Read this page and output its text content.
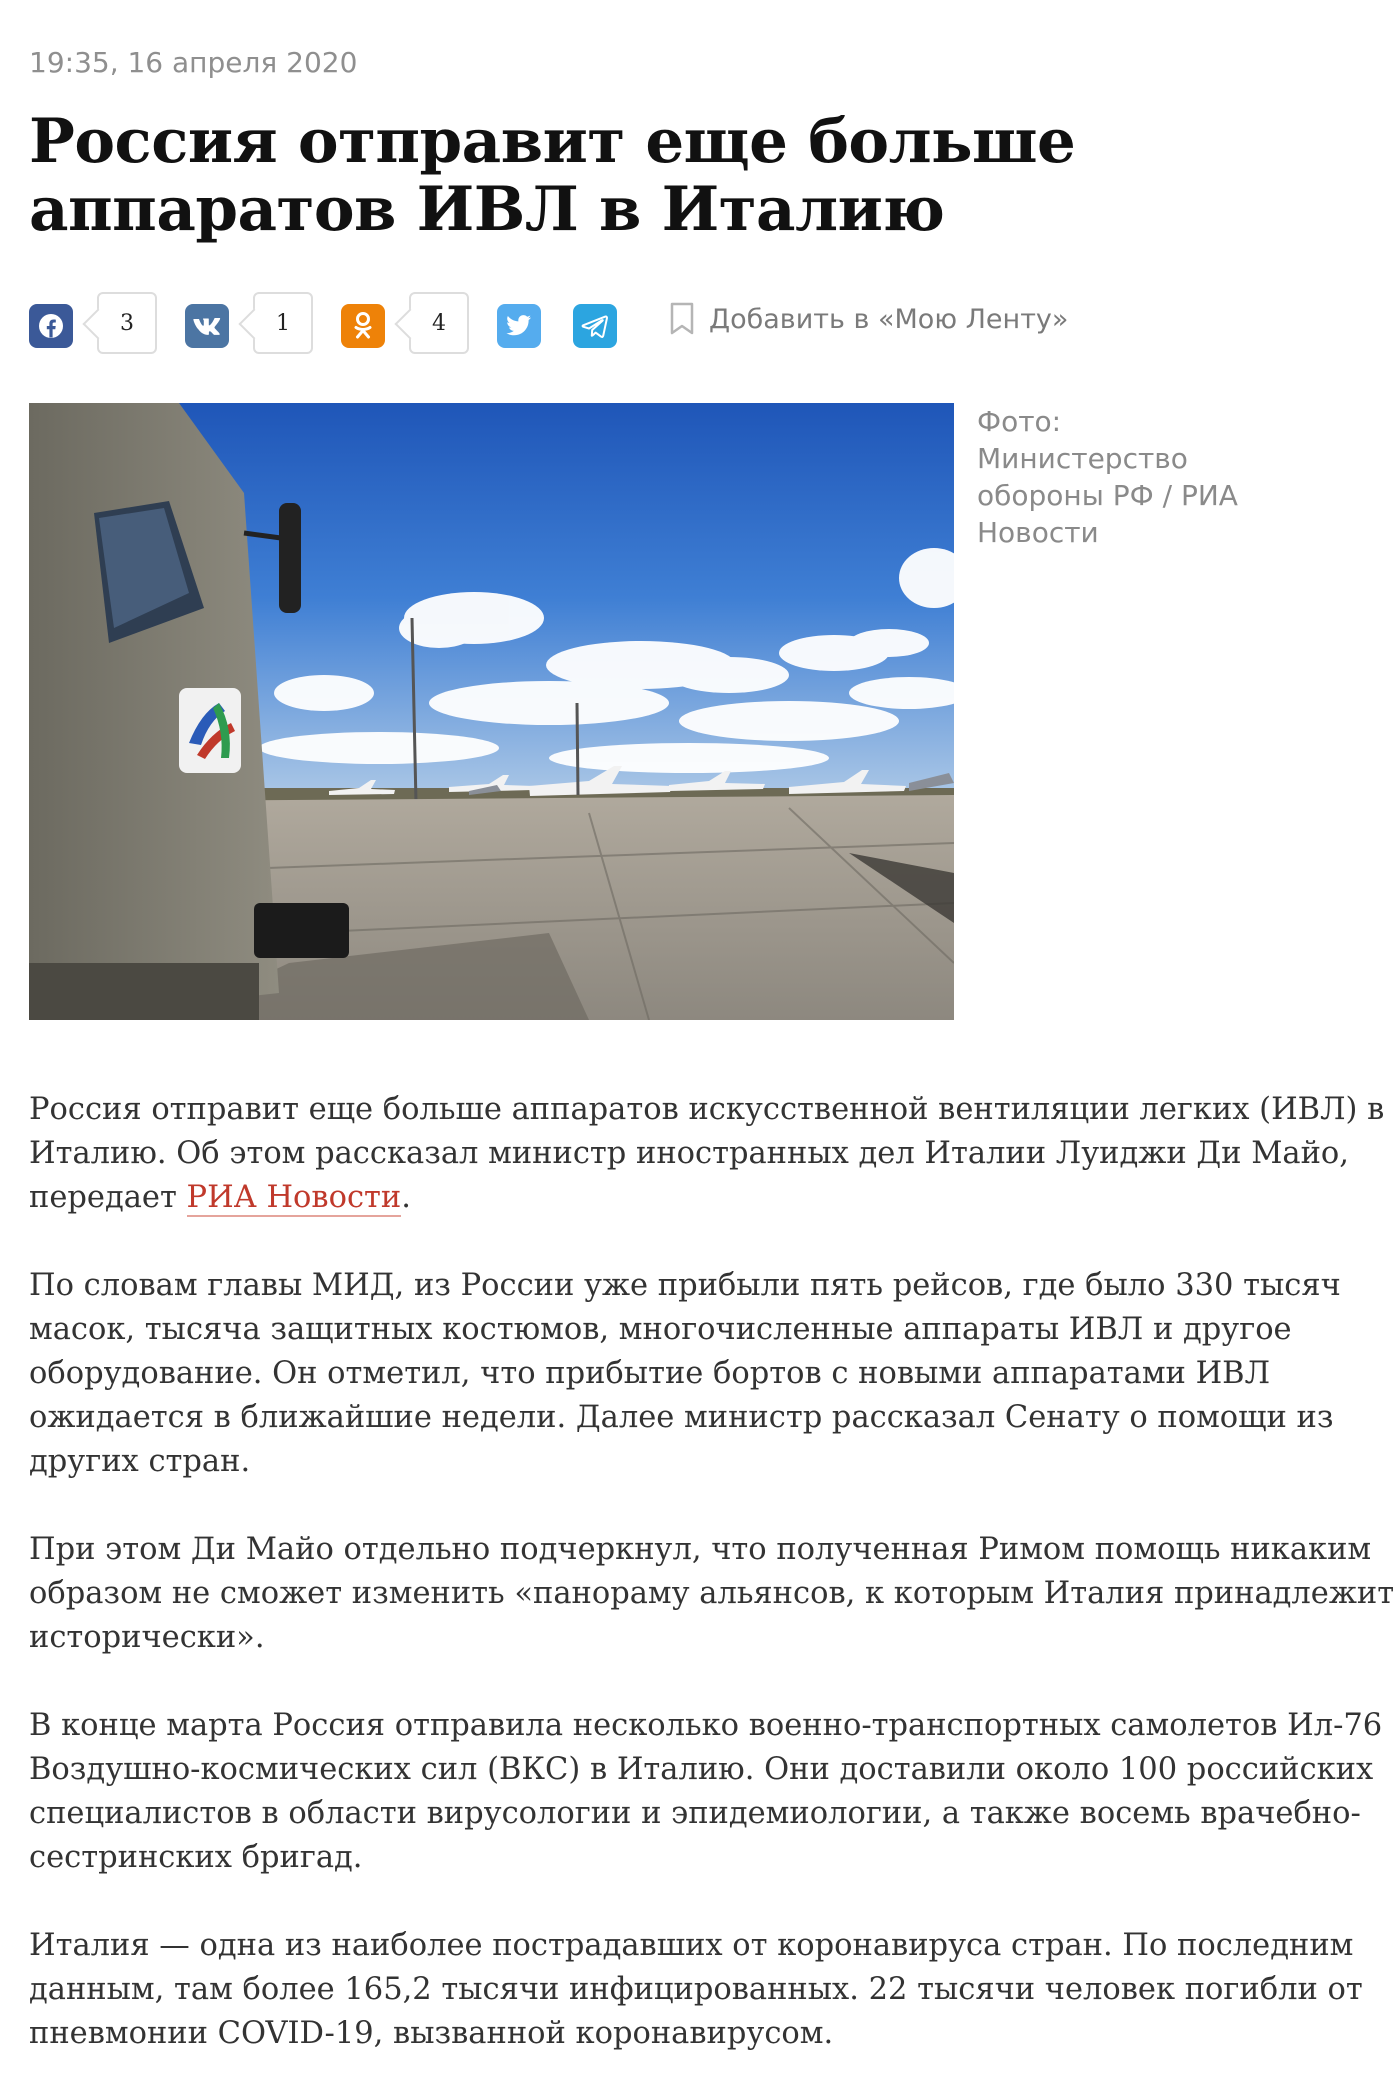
19:35, 16 апреля 2020
Россия отправит еще больше аппаратов ИВЛ в Италию
3	1	4	Добавить в «Мою Ленту»
Фото: Министерство обороны РФ / РИА Новости

Россия отправит еще больше аппаратов искусственной вентиляции легких (ИВЛ) в Италию. Об этом рассказал министр иностранных дел Италии Луиджи Ди Майо, передает РИА Новости.

По словам главы МИД, из России уже прибыли пять рейсов, где было 330 тысяч масок, тысяча защитных костюмов, многочисленные аппараты ИВЛ и другое оборудование. Он отметил, что прибытие бортов с новыми аппаратами ИВЛ ожидается в ближайшие недели. Далее министр рассказал Сенату о помощи из других стран.

При этом Ди Майо отдельно подчеркнул, что полученная Римом помощь никаким образом не сможет изменить «панораму альянсов, к которым Италия принадлежит исторически».

В конце марта Россия отправила несколько военно-транспортных самолетов Ил-76 Воздушно-космических сил (ВКС) в Италию. Они доставили около 100 российских специалистов в области вирусологии и эпидемиологии, а также восемь врачебно-сестринских бригад.

Италия — одна из наиболее пострадавших от коронавируса стран. По последним данным, там более 165,2 тысячи инфицированных. 22 тысячи человек погибли от пневмонии COVID-19, вызванной коронавирусом.
